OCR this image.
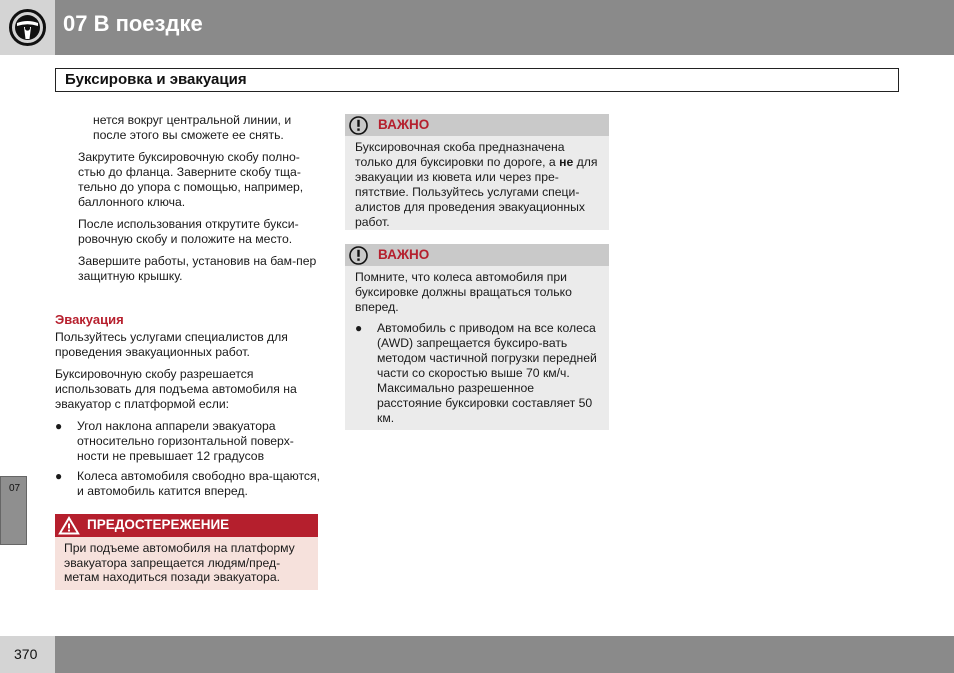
07 В поездке
Буксировка и эвакуация

нется вокруг центральной линии, и после этого вы сможете ее снять.

Закрутите буксировочную скобу полно-стью до фланца. Заверните скобу тща-тельно до упора с помощью, например, баллонного ключа.

После использования открутите букси-ровочную скобу и положите на место.

Завершите работы, установив на бам-пер защитную крышку.

Эвакуация

Пользуйтесь услугами специалистов для проведения эвакуационных работ.

Буксировочную скобу разрешается использовать для подъема автомобиля на эвакуатор с платформой если:

● Угол наклона аппарели эвакуатора относительно горизонтальной поверх-ности не превышает 12 градусов

● Колеса автомобиля свободно вра-щаются, и автомобиль катится вперед.

ПРЕДОСТЕРЕЖЕНИЕ
При подъеме автомобиля на платформу эвакуатора запрещается людям/пред-метам находиться позади эвакуатора.
ВАЖНО

Буксировочная скоба предназначена только для буксировки по дороге, а не для эвакуации из кювета или через пре-пятствие. Пользуйтесь услугами специ-алистов для проведения эвакуационных работ.

ВАЖНО

Помните, что колеса автомобиля при буксировке должны вращаться только вперед.

● Автомобиль с приводом на все колеса (AWD) запрещается буксиро-вать методом частичной погрузки передней части со скоростью выше 70 км/ч. Максимально разрешенное расстояние буксировки составляет 50 км.

07
370
